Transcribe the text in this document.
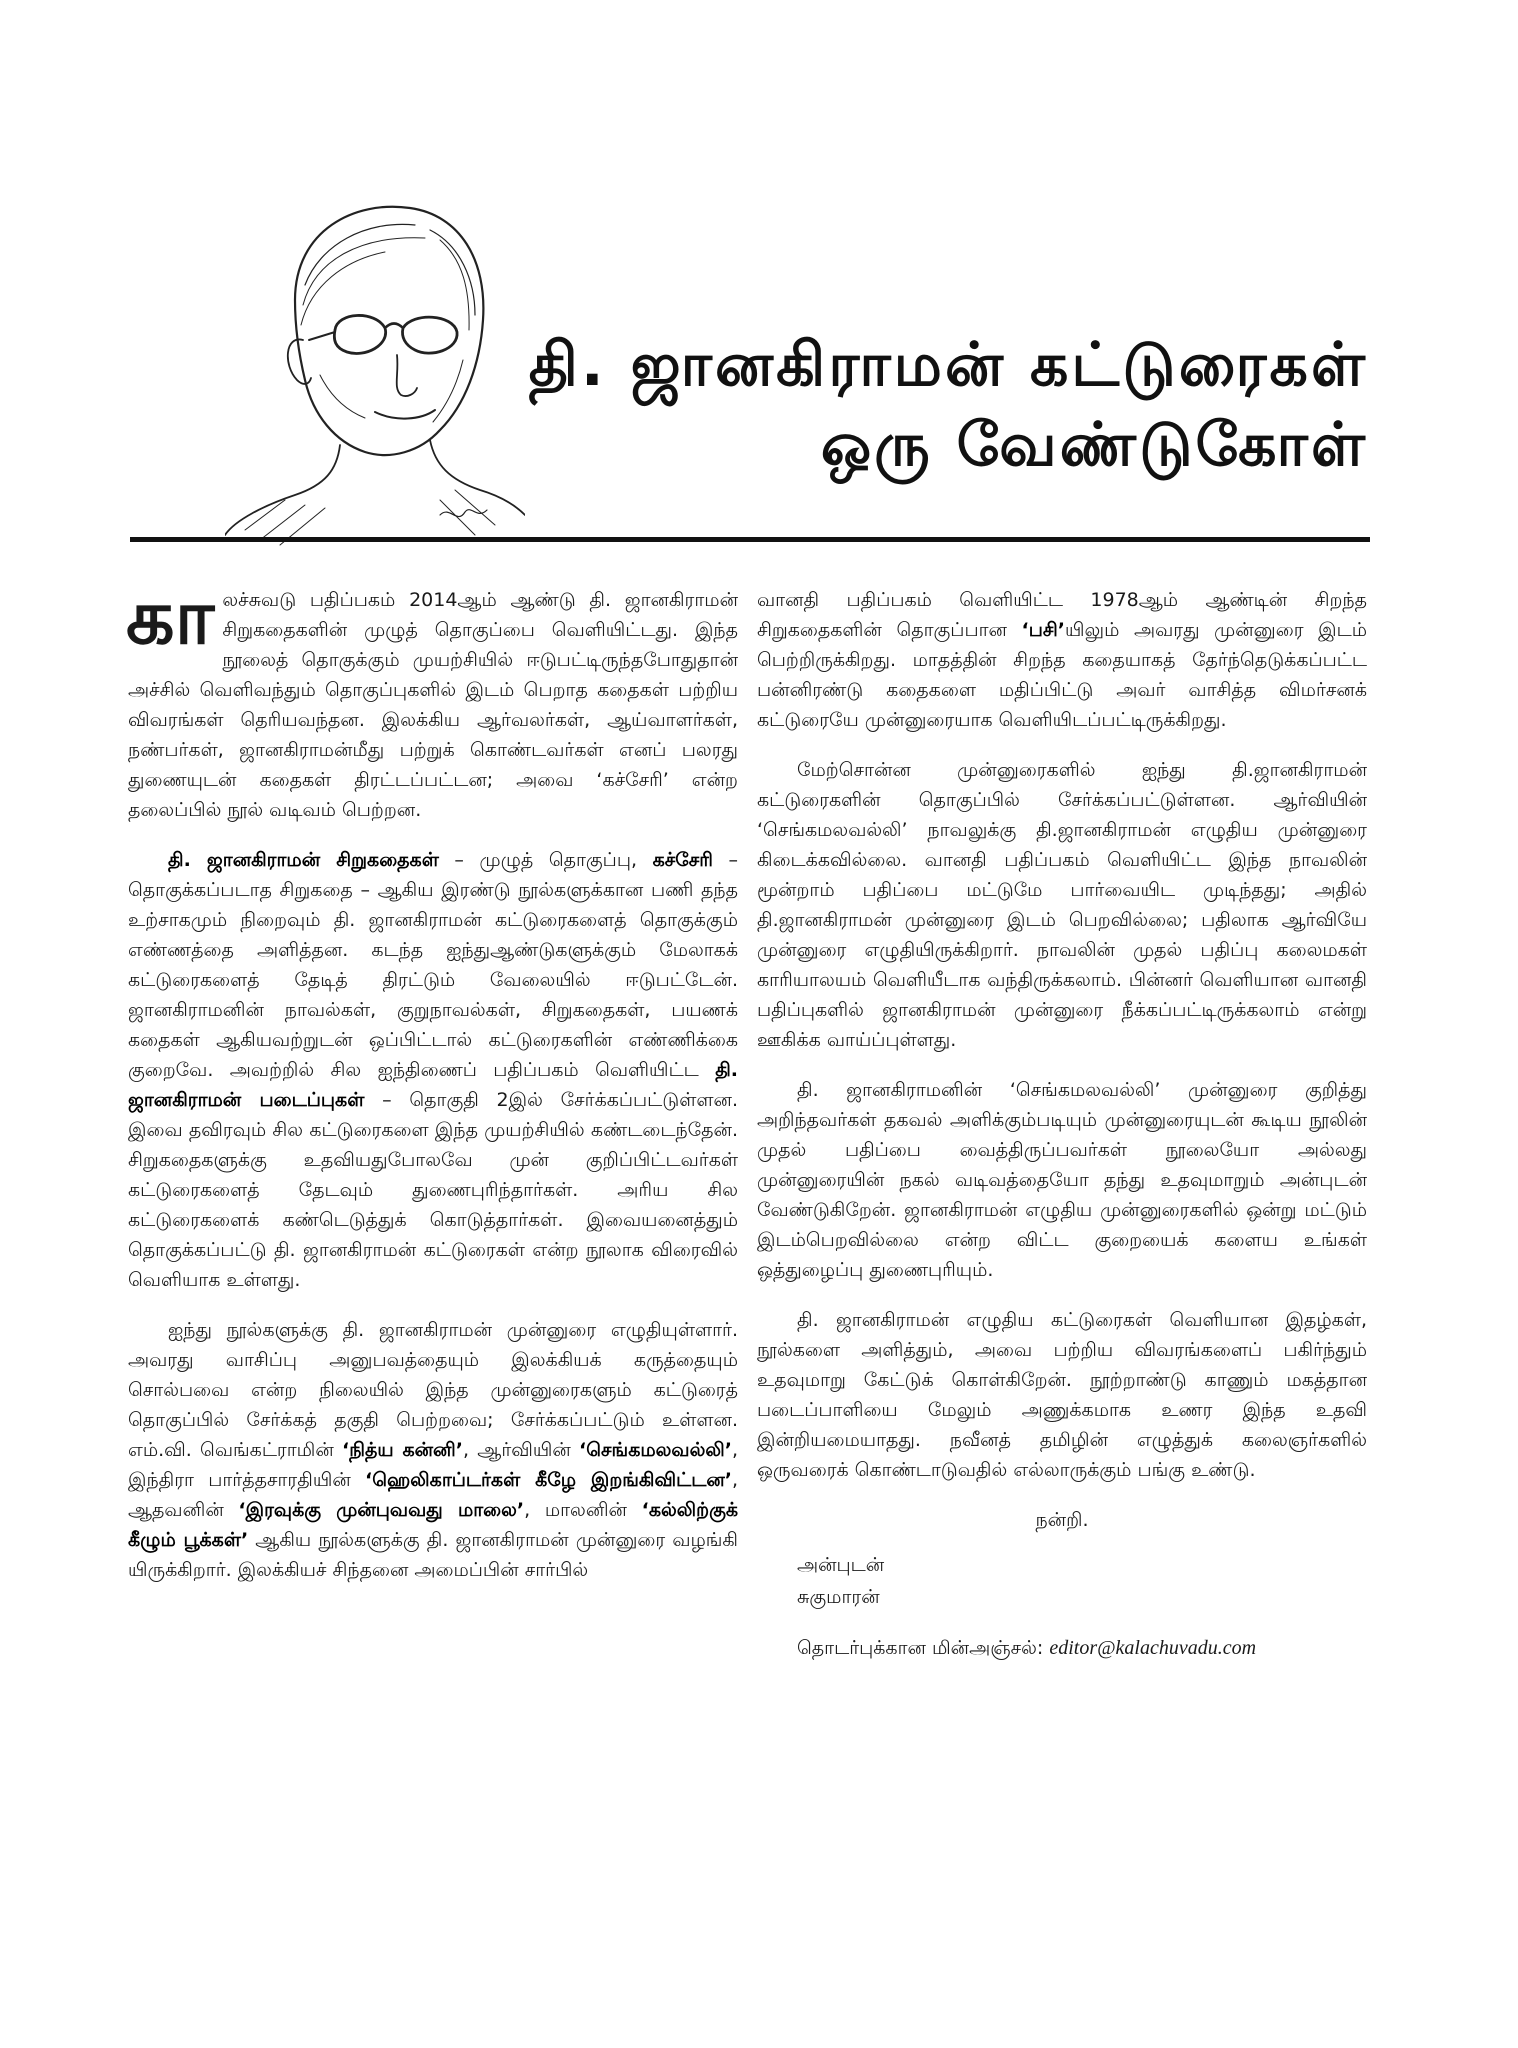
தி. ஜானகிராமன் கட்டுரைகள்
ஒரு வேண்டுகோள்

காலச்சுவடு பதிப்பகம் 2014ஆம் ஆண்டு தி. ஜானகிராமன் சிறுகதைகளின் முழுத் தொகுப்பை வெளியிட்டது. இந்த நூலைத் தொகுக்கும் முயற்சியில் ஈடுபட்டிருந்தபோதுதான் அச்சில் வெளிவந்தும் தொகுப்புகளில் இடம் பெறாத கதைகள் பற்றிய விவரங்கள் தெரியவந்தன. இலக்கிய ஆர்வலர்கள், ஆய்வாளர்கள், நண்பர்கள், ஜானகிராமன்மீது பற்றுக் கொண்டவர்கள் எனப் பலரது துணையுடன் கதைகள் திரட்டப்பட்டன; அவை ‘கச்சேரி’ என்ற தலைப்பில் நூல் வடிவம் பெற்றன.

தி. ஜானகிராமன் சிறுகதைகள் – முழுத் தொகுப்பு, கச்சேரி – தொகுக்கப்படாத சிறுகதை – ஆகிய இரண்டு நூல்களுக்கான பணி தந்த உற்சாகமும் நிறைவும் தி. ஜானகிராமன் கட்டுரைகளைத் தொகுக்கும் எண்ணத்தை அளித்தன. கடந்த ஐந்துஆண்டுகளுக்கும் மேலாகக் கட்டுரைகளைத் தேடித் திரட்டும் வேலையில் ஈடுபட்டேன். ஜானகிராமனின் நாவல்கள், குறுநாவல்கள், சிறுகதைகள், பயணக் கதைகள் ஆகியவற்றுடன் ஒப்பிட்டால் கட்டுரைகளின் எண்ணிக்கை குறைவே. அவற்றில் சில ஐந்திணைப் பதிப்பகம் வெளியிட்ட தி. ஜானகிராமன் படைப்புகள் – தொகுதி 2இல் சேர்க்கப்பட்டுள்ளன. இவை தவிரவும் சில கட்டுரைகளை இந்த முயற்சியில் கண்டடைந்தேன். சிறுகதைகளுக்கு உதவியதுபோலவே முன் குறிப்பிட்டவர்கள் கட்டுரைகளைத் தேடவும் துணைபுரிந்தார்கள். அரிய சில கட்டுரைகளைக் கண்டெடுத்துக் கொடுத்தார்கள். இவையனைத்தும் தொகுக்கப்பட்டு தி. ஜானகிராமன் கட்டுரைகள் என்ற நூலாக விரைவில் வெளியாக உள்ளது.

ஐந்து நூல்களுக்கு தி. ஜானகிராமன் முன்னுரை எழுதியுள்ளார். அவரது வாசிப்பு அனுபவத்தையும் இலக்கியக் கருத்தையும் சொல்பவை என்ற நிலையில் இந்த முன்னுரைகளும் கட்டுரைத் தொகுப்பில் சேர்க்கத் தகுதி பெற்றவை; சேர்க்கப்பட்டும் உள்ளன. எம்.வி. வெங்கட்ராமின் ‘நித்ய கன்னி’, ஆர்வியின் ‘செங்கமலவல்லி’, இந்திரா பார்த்தசாரதியின் ‘ஹெலிகாப்டர்கள் கீழே இறங்கிவிட்டன’, ஆதவனின் ‘இரவுக்கு முன்புவவது மாலை’, மாலனின் ‘கல்லிற்குக் கீழும் பூக்கள்’ ஆகிய நூல்களுக்கு தி. ஜானகிராமன் முன்னுரை வழங்கி யிருக்கிறார். இலக்கியச் சிந்தனை அமைப்பின் சார்பில்

வானதி பதிப்பகம் வெளியிட்ட 1978ஆம் ஆண்டின் சிறந்த சிறுகதைகளின் தொகுப்பான ‘பசி’யிலும் அவரது முன்னுரை இடம் பெற்றிருக்கிறது. மாதத்தின் சிறந்த கதையாகத் தேர்ந்தெடுக்கப்பட்ட பன்னிரண்டு கதைகளை மதிப்பிட்டு அவர் வாசித்த விமர்சனக் கட்டுரையே முன்னுரையாக வெளியிடப்பட்டிருக்கிறது.

மேற்சொன்ன முன்னுரைகளில் ஐந்து தி.ஜானகிராமன் கட்டுரைகளின் தொகுப்பில் சேர்க்கப்பட்டுள்ளன. ஆர்வியின் ‘செங்கமலவல்லி’ நாவலுக்கு தி.ஜானகிராமன் எழுதிய முன்னுரை கிடைக்கவில்லை. வானதி பதிப்பகம் வெளியிட்ட இந்த நாவலின் மூன்றாம் பதிப்பை மட்டுமே பார்வையிட முடிந்தது; அதில் தி.ஜானகிராமன் முன்னுரை இடம் பெறவில்லை; பதிலாக ஆர்வியே முன்னுரை எழுதியிருக்கிறார். நாவலின் முதல் பதிப்பு கலைமகள் காரியாலயம் வெளியீடாக வந்திருக்கலாம். பின்னர் வெளியான வானதி பதிப்புகளில் ஜானகிராமன் முன்னுரை நீக்கப்பட்டிருக்கலாம் என்று ஊகிக்க வாய்ப்புள்ளது.

தி. ஜானகிராமனின் ‘செங்கமலவல்லி’ முன்னுரை குறித்து அறிந்தவர்கள் தகவல் அளிக்கும்படியும் முன்னுரையுடன் கூடிய நூலின் முதல் பதிப்பை வைத்திருப்பவர்கள் நூலையோ அல்லது முன்னுரையின் நகல் வடிவத்தையோ தந்து உதவுமாறும் அன்புடன் வேண்டுகிறேன். ஜானகிராமன் எழுதிய முன்னுரைகளில் ஒன்று மட்டும் இடம்பெறவில்லை என்ற விட்ட குறையைக் களைய உங்கள் ஒத்துழைப்பு துணைபுரியும்.

தி. ஜானகிராமன் எழுதிய கட்டுரைகள் வெளியான இதழ்கள், நூல்களை அளித்தும், அவை பற்றிய விவரங்களைப் பகிர்ந்தும் உதவுமாறு கேட்டுக் கொள்கிறேன். நூற்றாண்டு காணும் மகத்தான படைப்பாளியை மேலும் அணுக்கமாக உணர இந்த உதவி இன்றியமையாதது. நவீனத் தமிழின் எழுத்துக் கலைஞர்களில் ஒருவரைக் கொண்டாடுவதில் எல்லாருக்கும் பங்கு உண்டு.

நன்றி.
அன்புடன்
சுகுமாரன்
தொடர்புக்கான மின்அஞ்சல்: editor@kalachuvadu.com
